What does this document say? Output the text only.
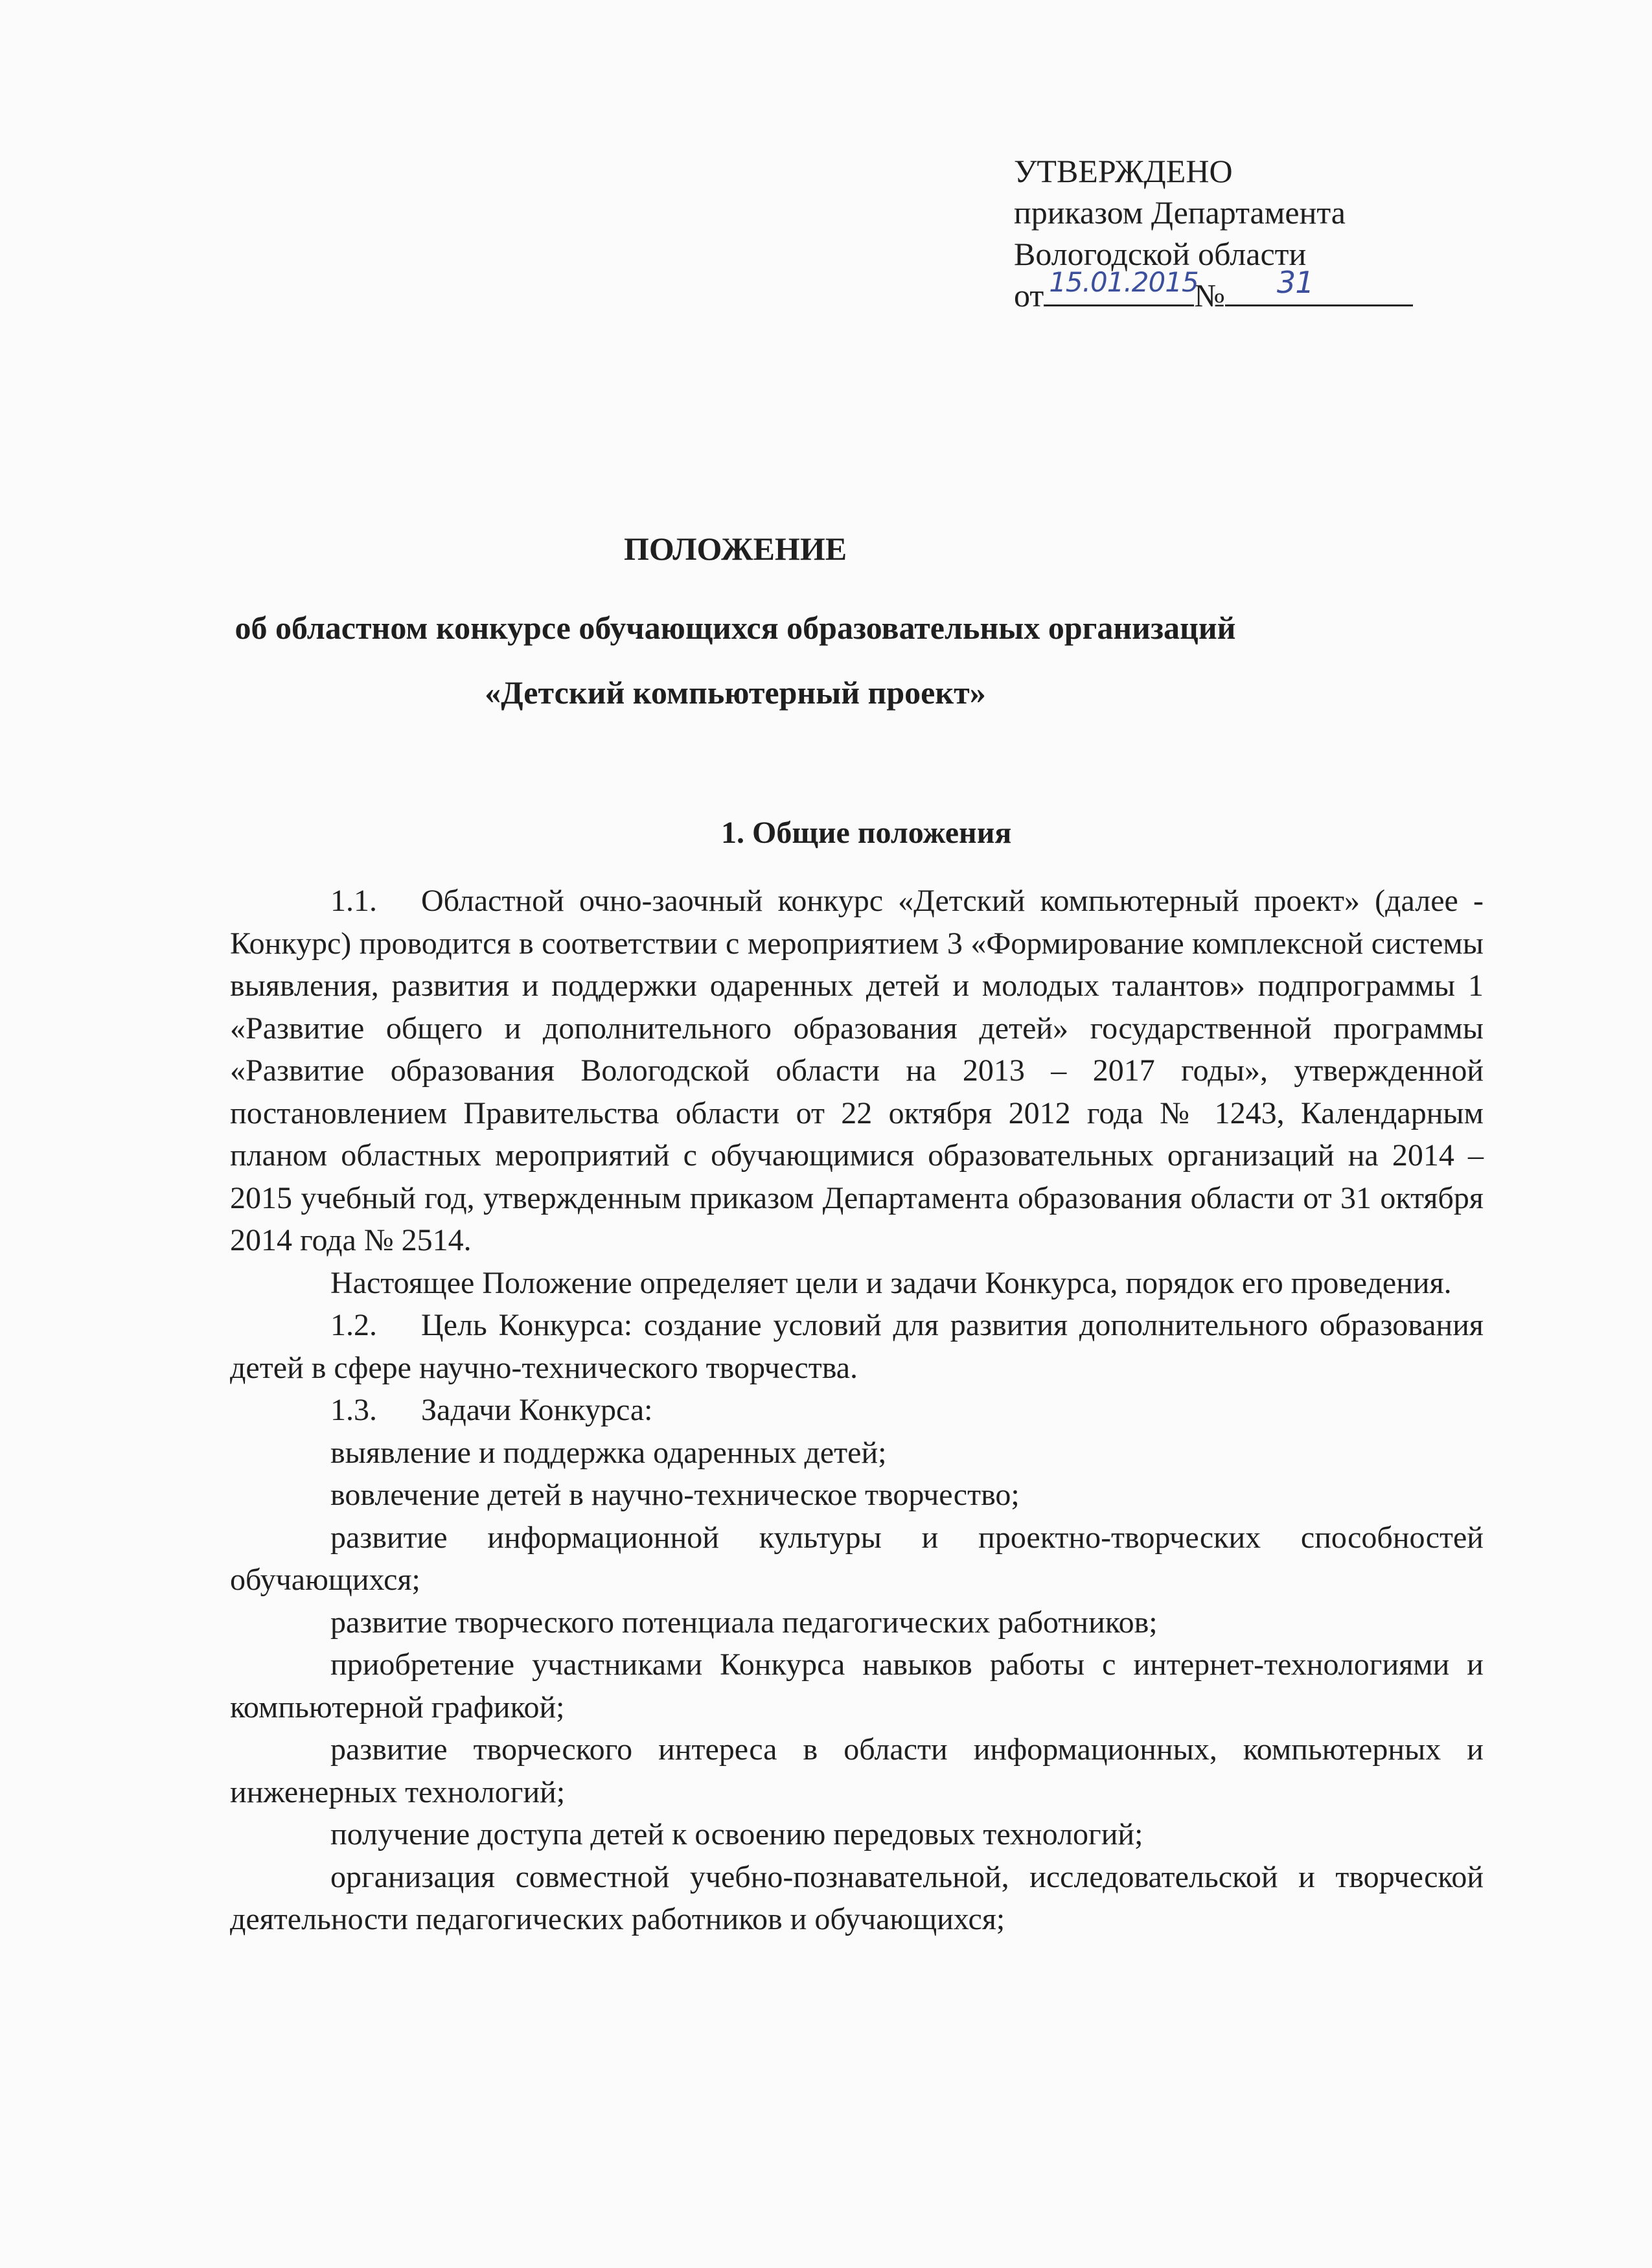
УТВЕРЖДЕНО
приказом Департамента
Вологодской области
от 15.01.2015
№ 31
ПОЛОЖЕНИЕ
об областном конкурсе обучающихся образовательных организаций
«Детский компьютерный проект»
1. Общие положения

1.1. Областной очно-заочный конкурс «Детский компьютерный проект» (далее - Конкурс) проводится в соответствии с мероприятием 3 «Формирование комплексной системы выявления, развития и поддержки одаренных детей и молодых талантов» подпрограммы 1 «Развитие общего и дополнительного образования детей» государственной программы «Развитие образования Вологодской области на 2013 – 2017 годы», утвержденной постановлением Правительства области от 22 октября 2012 года № 1243, Календарным планом областных мероприятий с обучающимися образовательных организаций на 2014 – 2015 учебный год, утвержденным приказом Департамента образования области от 31 октября 2014 года № 2514.

Настоящее Положение определяет цели и задачи Конкурса, порядок его проведения.

1.2. Цель Конкурса: создание условий для развития дополнительного образования детей в сфере научно-технического творчества.

1.3. Задачи Конкурса:

выявление и поддержка одаренных детей;

вовлечение детей в научно-техническое творчество;

развитие информационной культуры и проектно-творческих способностей обучающихся;

развитие творческого потенциала педагогических работников;

приобретение участниками Конкурса навыков работы с интернет-технологиями и компьютерной графикой;

развитие творческого интереса в области информационных, компьютерных и инженерных технологий;

получение доступа детей к освоению передовых технологий;

организация совместной учебно-познавательной, исследовательской и творческой деятельности педагогических работников и обучающихся;
